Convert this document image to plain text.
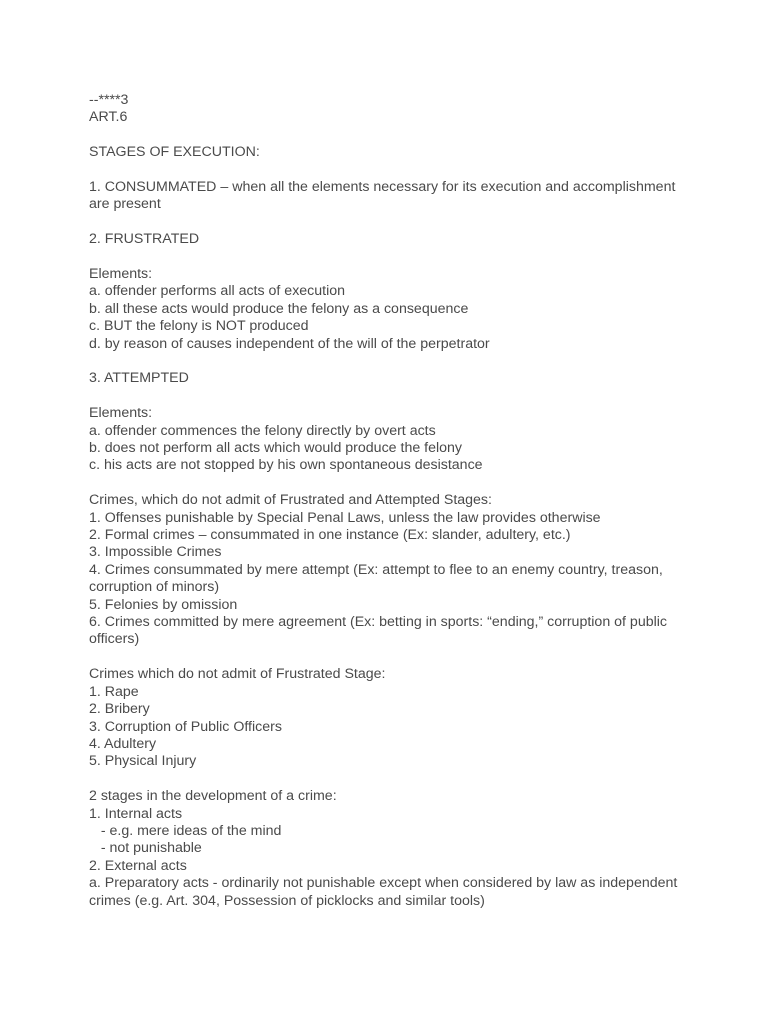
--****3
ART.6
STAGES OF EXECUTION:
1. CONSUMMATED – when all the elements necessary for its execution and accomplishment are present
2. FRUSTRATED
Elements:
a. offender performs all acts of execution
b. all these acts would produce the felony as a consequence
c. BUT the felony is NOT produced
d. by reason of causes independent of the will of the perpetrator
3. ATTEMPTED
Elements:
a. offender commences the felony directly by overt acts
b. does not perform all acts which would produce the felony
c. his acts are not stopped by his own spontaneous desistance
Crimes, which do not admit of Frustrated and Attempted Stages:
1. Offenses punishable by Special Penal Laws, unless the law provides otherwise
2. Formal crimes – consummated in one instance (Ex: slander, adultery, etc.)
3. Impossible Crimes
4. Crimes consummated by mere attempt (Ex: attempt to flee to an enemy country, treason, corruption of minors)
5. Felonies by omission
6. Crimes committed by mere agreement (Ex: betting in sports: “ending,” corruption of public officers)
Crimes which do not admit of Frustrated Stage:
1. Rape
2. Bribery
3. Corruption of Public Officers
4. Adultery
5. Physical Injury
2 stages in the development of a crime:
1. Internal acts
- e.g. mere ideas of the mind
- not punishable
2. External acts
a. Preparatory acts - ordinarily not punishable except when considered by law as independent crimes (e.g. Art. 304, Possession of picklocks and similar tools)
